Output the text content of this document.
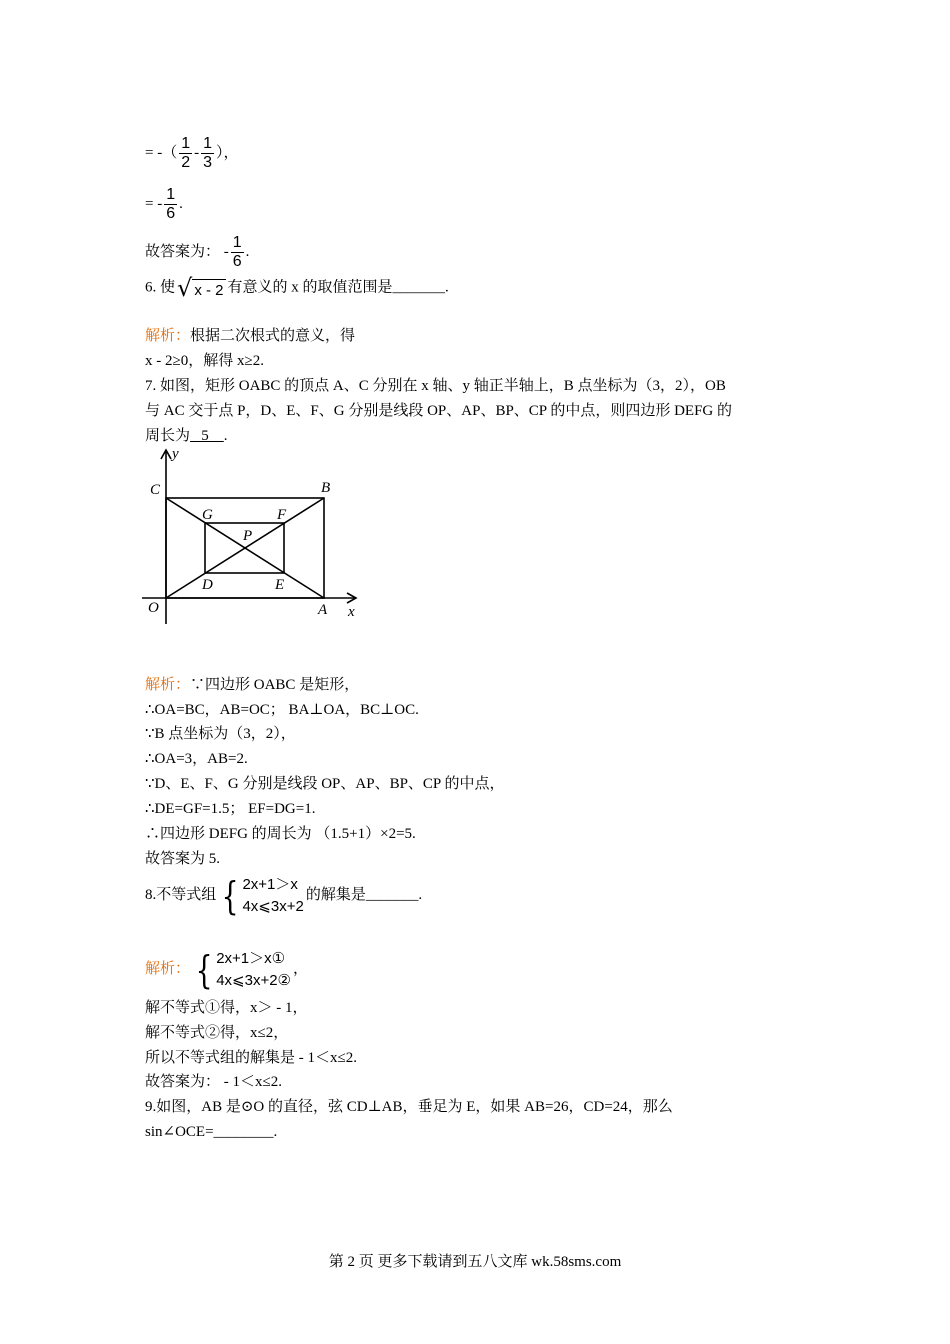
= -（ $\frac{1}{2} - \frac{1}{3}$ ），
= - $\frac{1}{6}$ .
故答案为： - $\frac{1}{6}$ .
6. 使 √ x - 2 有意义的 x 的取值范围是_______.
解析：根据二次根式的意义，得
x - 2≥0，解得 x≥2.
7. 如图，矩形 OABC 的顶点 A、C 分别在 x 轴、y 轴正半轴上，B 点坐标为（3，2），OB
与 AC 交于点 P，D、E、F、G 分别是线段 OP、AP、BP、CP 的中点，则四边形 DEFG 的
周长为   5    .
y
x
O	A
B
C
D	E
F
G
P
解析：∵四边形 OABC 是矩形，
∴OA=BC，AB=OC； BA⊥OA，BC⊥OC.
∵B 点坐标为（3，2），
∴OA=3，AB=2.
∵D、E、F、G 分别是线段 OP、AP、BP、CP 的中点，
∴DE=GF=1.5； EF=DG=1.
∴四边形 DEFG 的周长为 （1.5+1）×2=5.
故答案为 5.
8.不等式组 { 2x+1＞x
4x⩽3x+2
的解集是_______.
解析： { 2x+1＞x①
4x⩽3x+2②
，
解不等式①得，x＞ - 1，
解不等式②得，x≤2，
所以不等式组的解集是 - 1＜x≤2.
故答案为： - 1＜x≤2.
9.如图，AB 是⊙O 的直径，弦 CD⊥AB，垂足为 E，如果 AB=26，CD=24，那么
sin∠OCE=________.
第 2 页 更多下载请到五八文库 wk.58sms.com
